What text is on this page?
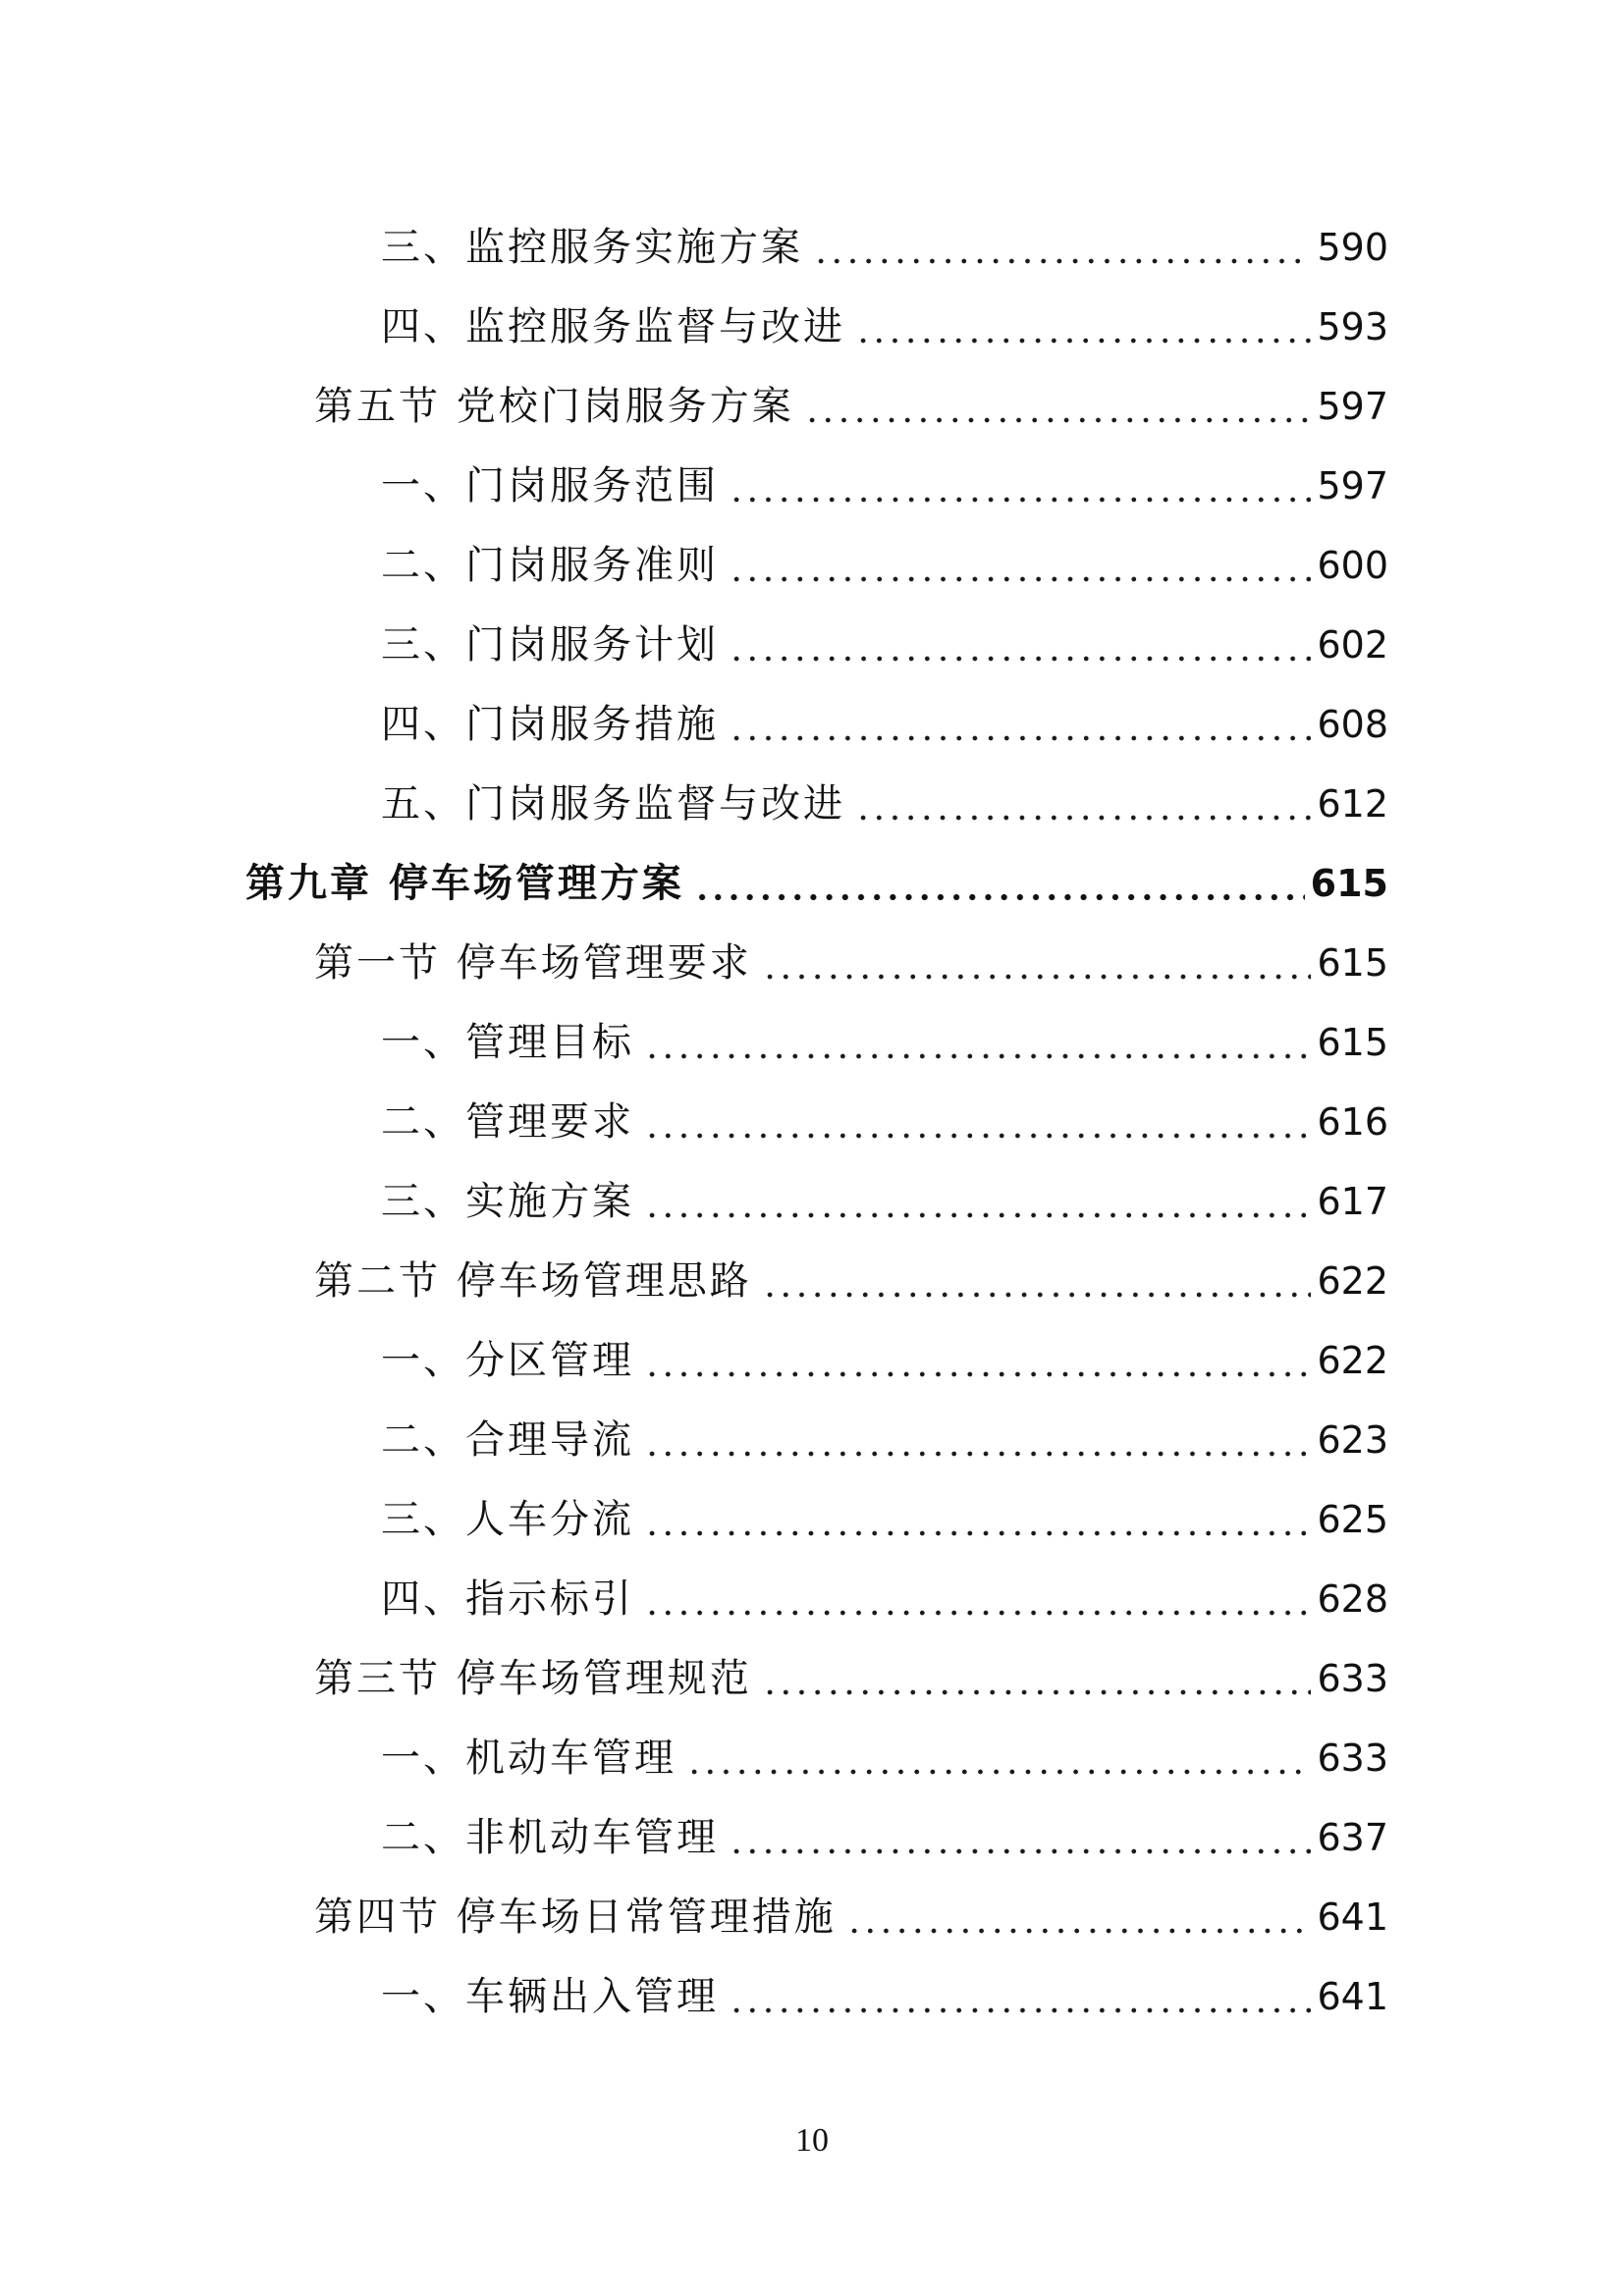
三、监控服务实施方案	590
四、监控服务监督与改进	593
第五节 党校门岗服务方案	597
一、门岗服务范围	597
二、门岗服务准则	600
三、门岗服务计划	602
四、门岗服务措施	608
五、门岗服务监督与改进	612
第九章 停车场管理方案	615
第一节 停车场管理要求	615
一、管理目标	615
二、管理要求	616
三、实施方案	617
第二节 停车场管理思路	622
一、分区管理	622
二、合理导流	623
三、人车分流	625
四、指示标引	628
第三节 停车场管理规范	633
一、机动车管理	633
二、非机动车管理	637
第四节 停车场日常管理措施	641
一、车辆出入管理	641
10
